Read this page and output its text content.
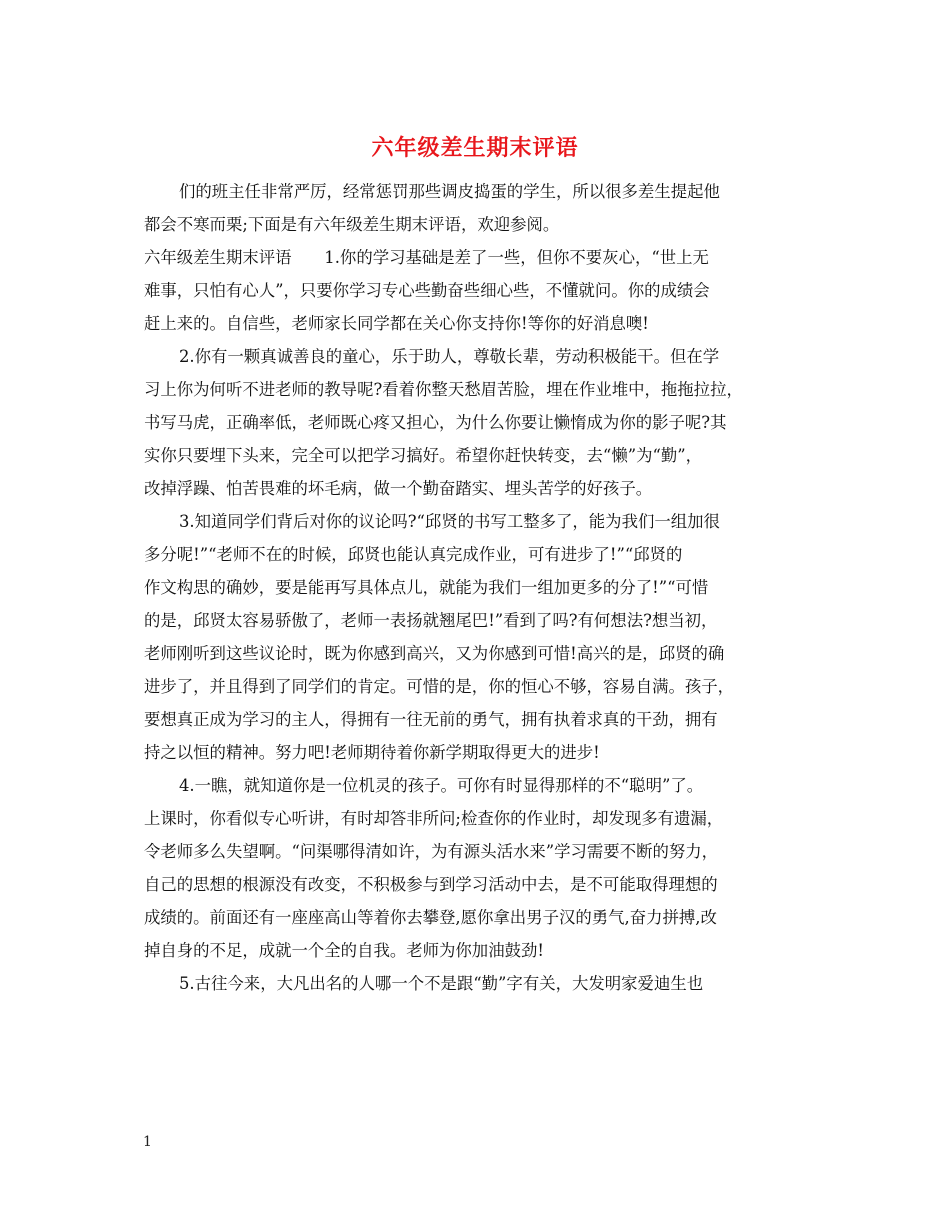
六年级差生期末评语
们的班主任非常严厉，经常惩罚那些调皮捣蛋的学生，所以很多差生提起他
都会不寒而栗;下面是有六年级差生期末评语，欢迎参阅。
六年级差生期末评语　　1.你的学习基础是差了一些，但你不要灰心，“世上无
难事，只怕有心人”，只要你学习专心些勤奋些细心些，不懂就问。你的成绩会
赶上来的。自信些，老师家长同学都在关心你支持你!等你的好消息噢!
2.你有一颗真诚善良的童心，乐于助人，尊敬长辈，劳动积极能干。但在学
习上你为何听不进老师的教导呢?看着你整天愁眉苦脸，埋在作业堆中，拖拖拉拉，
书写马虎，正确率低，老师既心疼又担心，为什么你要让懒惰成为你的影子呢?其
实你只要埋下头来，完全可以把学习搞好。希望你赶快转变，去“懒”为“勤”，
改掉浮躁、怕苦畏难的坏毛病，做一个勤奋踏实、埋头苦学的好孩子。
3.知道同学们背后对你的议论吗?“邱贤的书写工整多了，能为我们一组加很
多分呢!”“老师不在的时候，邱贤也能认真完成作业，可有进步了!”“邱贤的
作文构思的确妙，要是能再写具体点儿，就能为我们一组加更多的分了!”“可惜
的是，邱贤太容易骄傲了，老师一表扬就翘尾巴!”看到了吗?有何想法?想当初，
老师刚听到这些议论时，既为你感到高兴，又为你感到可惜!高兴的是，邱贤的确
进步了，并且得到了同学们的肯定。可惜的是，你的恒心不够，容易自满。孩子，
要想真正成为学习的主人，得拥有一往无前的勇气，拥有执着求真的干劲，拥有
持之以恒的精神。努力吧!老师期待着你新学期取得更大的进步!
4.一瞧，就知道你是一位机灵的孩子。可你有时显得那样的不“聪明”了。
上课时，你看似专心听讲，有时却答非所问;检查你的作业时，却发现多有遗漏，
令老师多么失望啊。“问渠哪得清如许，为有源头活水来”学习需要不断的努力，
自己的思想的根源没有改变，不积极参与到学习活动中去，是不可能取得理想的
成绩的。前面还有一座座高山等着你去攀登,愿你拿出男子汉的勇气,奋力拼搏,改
掉自身的不足，成就一个全的自我。老师为你加油鼓劲!
5.古往今来，大凡出名的人哪一个不是跟“勤”字有关，大发明家爱迪生也
1
